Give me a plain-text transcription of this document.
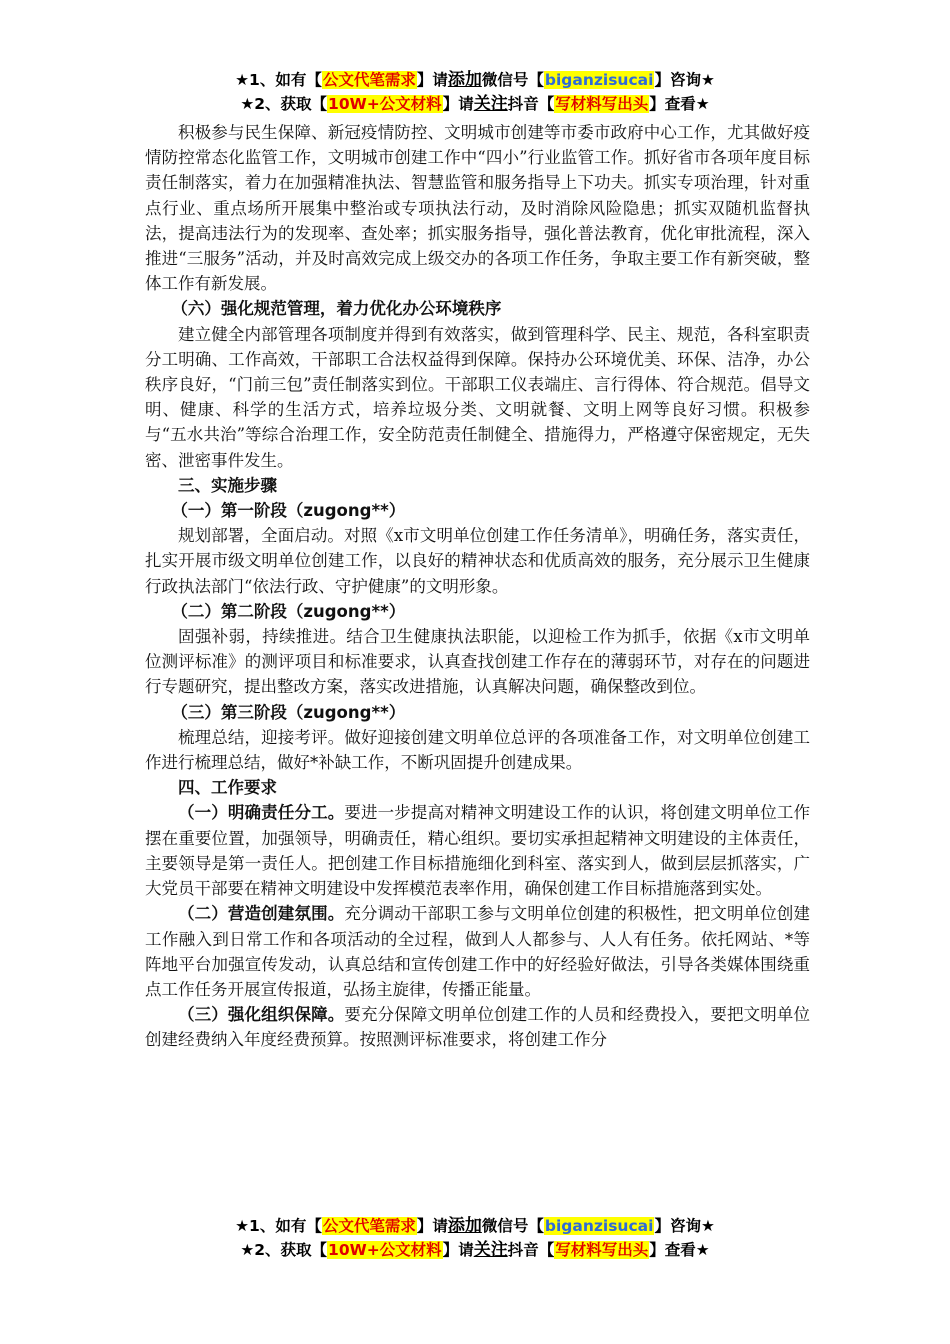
★1、如有【公文代笔需求】请添加微信号【biganzisucai】咨询★
★2、获取【10W+公文材料】请关注抖音【写材料写出头】查看★

积极参与民生保障、新冠疫情防控、文明城市创建等市委市政府中心工作，尤其做好疫情防控常态化监管工作，文明城市创建工作中“四小”行业监管工作。抓好省市各项年度目标责任制落实，着力在加强精准执法、智慧监管和服务指导上下功夫。抓实专项治理，针对重点行业、重点场所开展集中整治或专项执法行动，及时消除风险隐患；抓实双随机监督执法，提高违法行为的发现率、查处率；抓实服务指导，强化普法教育，优化审批流程，深入推进“三服务”活动，并及时高效完成上级交办的各项工作任务，争取主要工作有新突破，整体工作有新发展。

（六）强化规范管理，着力优化办公环境秩序

建立健全内部管理各项制度并得到有效落实，做到管理科学、民主、规范，各科室职责分工明确、工作高效，干部职工合法权益得到保障。保持办公环境优美、环保、洁净，办公秩序良好，“门前三包”责任制落实到位。干部职工仪表端庄、言行得体、符合规范。倡导文明、健康、科学的生活方式，培养垃圾分类、文明就餐、文明上网等良好习惯。积极参与“五水共治”等综合治理工作，安全防范责任制健全、措施得力，严格遵守保密规定，无失密、泄密事件发生。

三、实施步骤

（一）第一阶段（zugong**）

规划部署，全面启动。对照《x市文明单位创建工作任务清单》，明确任务，落实责任，扎实开展市级文明单位创建工作，以良好的精神状态和优质高效的服务，充分展示卫生健康行政执法部门“依法行政、守护健康”的文明形象。

（二）第二阶段（zugong**）

固强补弱，持续推进。结合卫生健康执法职能，以迎检工作为抓手，依据《x市文明单位测评标准》的测评项目和标准要求，认真查找创建工作存在的薄弱环节，对存在的问题进行专题研究，提出整改方案，落实改进措施，认真解决问题，确保整改到位。

（三）第三阶段（zugong**）

梳理总结，迎接考评。做好迎接创建文明单位总评的各项准备工作，对文明单位创建工作进行梳理总结，做好*补缺工作，不断巩固提升创建成果。

四、工作要求

（一）明确责任分工。要进一步提高对精神文明建设工作的认识，将创建文明单位工作摆在重要位置，加强领导，明确责任，精心组织。要切实承担起精神文明建设的主体责任，主要领导是第一责任人。把创建工作目标措施细化到科室、落实到人，做到层层抓落实，广大党员干部要在精神文明建设中发挥模范表率作用，确保创建工作目标措施落到实处。

（二）营造创建氛围。充分调动干部职工参与文明单位创建的积极性，把文明单位创建工作融入到日常工作和各项活动的全过程，做到人人都参与、人人有任务。依托网站、*等阵地平台加强宣传发动，认真总结和宣传创建工作中的好经验好做法，引导各类媒体围绕重点工作任务开展宣传报道，弘扬主旋律，传播正能量。

（三）强化组织保障。要充分保障文明单位创建工作的人员和经费投入，要把文明单位创建经费纳入年度经费预算。按照测评标准要求，将创建工作分

★1、如有【公文代笔需求】请添加微信号【biganzisucai】咨询★
★2、获取【10W+公文材料】请关注抖音【写材料写出头】查看★
